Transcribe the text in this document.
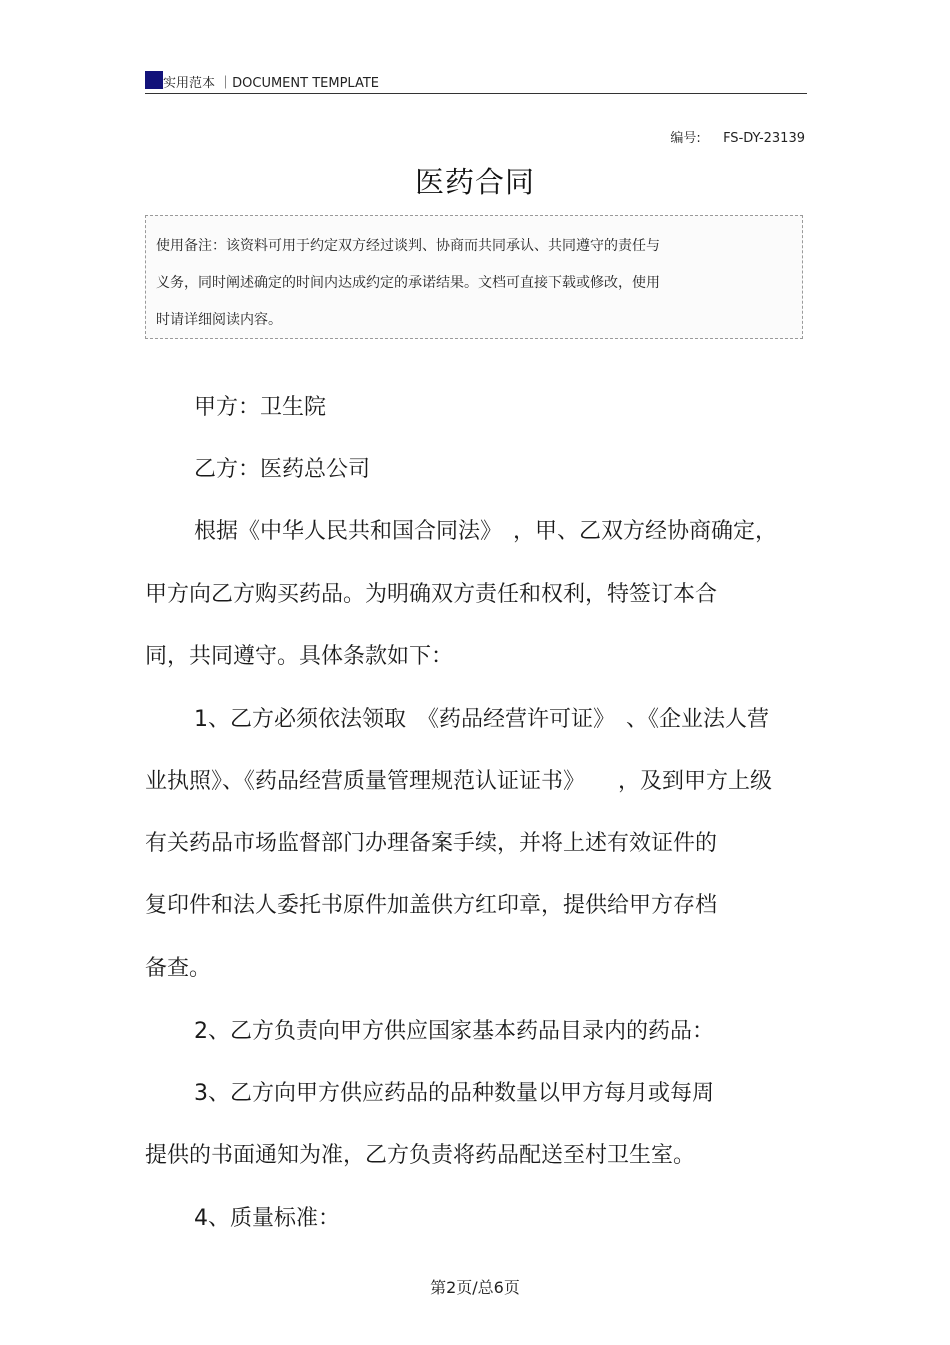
实用范本 ｜DOCUMENT TEMPLATE
编号: FS-DY-23139
医药合同
使用备注：该资料可用于约定双方经过谈判、协商而共同承认、共同遵守的责任与
义务，同时阐述确定的时间内达成约定的承诺结果。文档可直接下载或修改，使用
时请详细阅读内容。
甲方：卫生院
乙方：医药总公司
根据《中华人民共和国合同法》　，甲、乙双方经协商确定，
甲方向乙方购买药品。为明确双方责任和权利，特签订本合
同，共同遵守。具体条款如下：
1、乙方必须依法领取　《药品经营许可证》　、《企业法人营
业执照》、《药品经营质量管理规范认证证书》　　，及到甲方上级
有关药品市场监督部门办理备案手续，并将上述有效证件的
复印件和法人委托书原件加盖供方红印章，提供给甲方存档
备查。
2、乙方负责向甲方供应国家基本药品目录内的药品：
3、乙方向甲方供应药品的品种数量以甲方每月或每周
提供的书面通知为准，乙方负责将药品配送至村卫生室。
4、质量标准：
第2页/总6页
